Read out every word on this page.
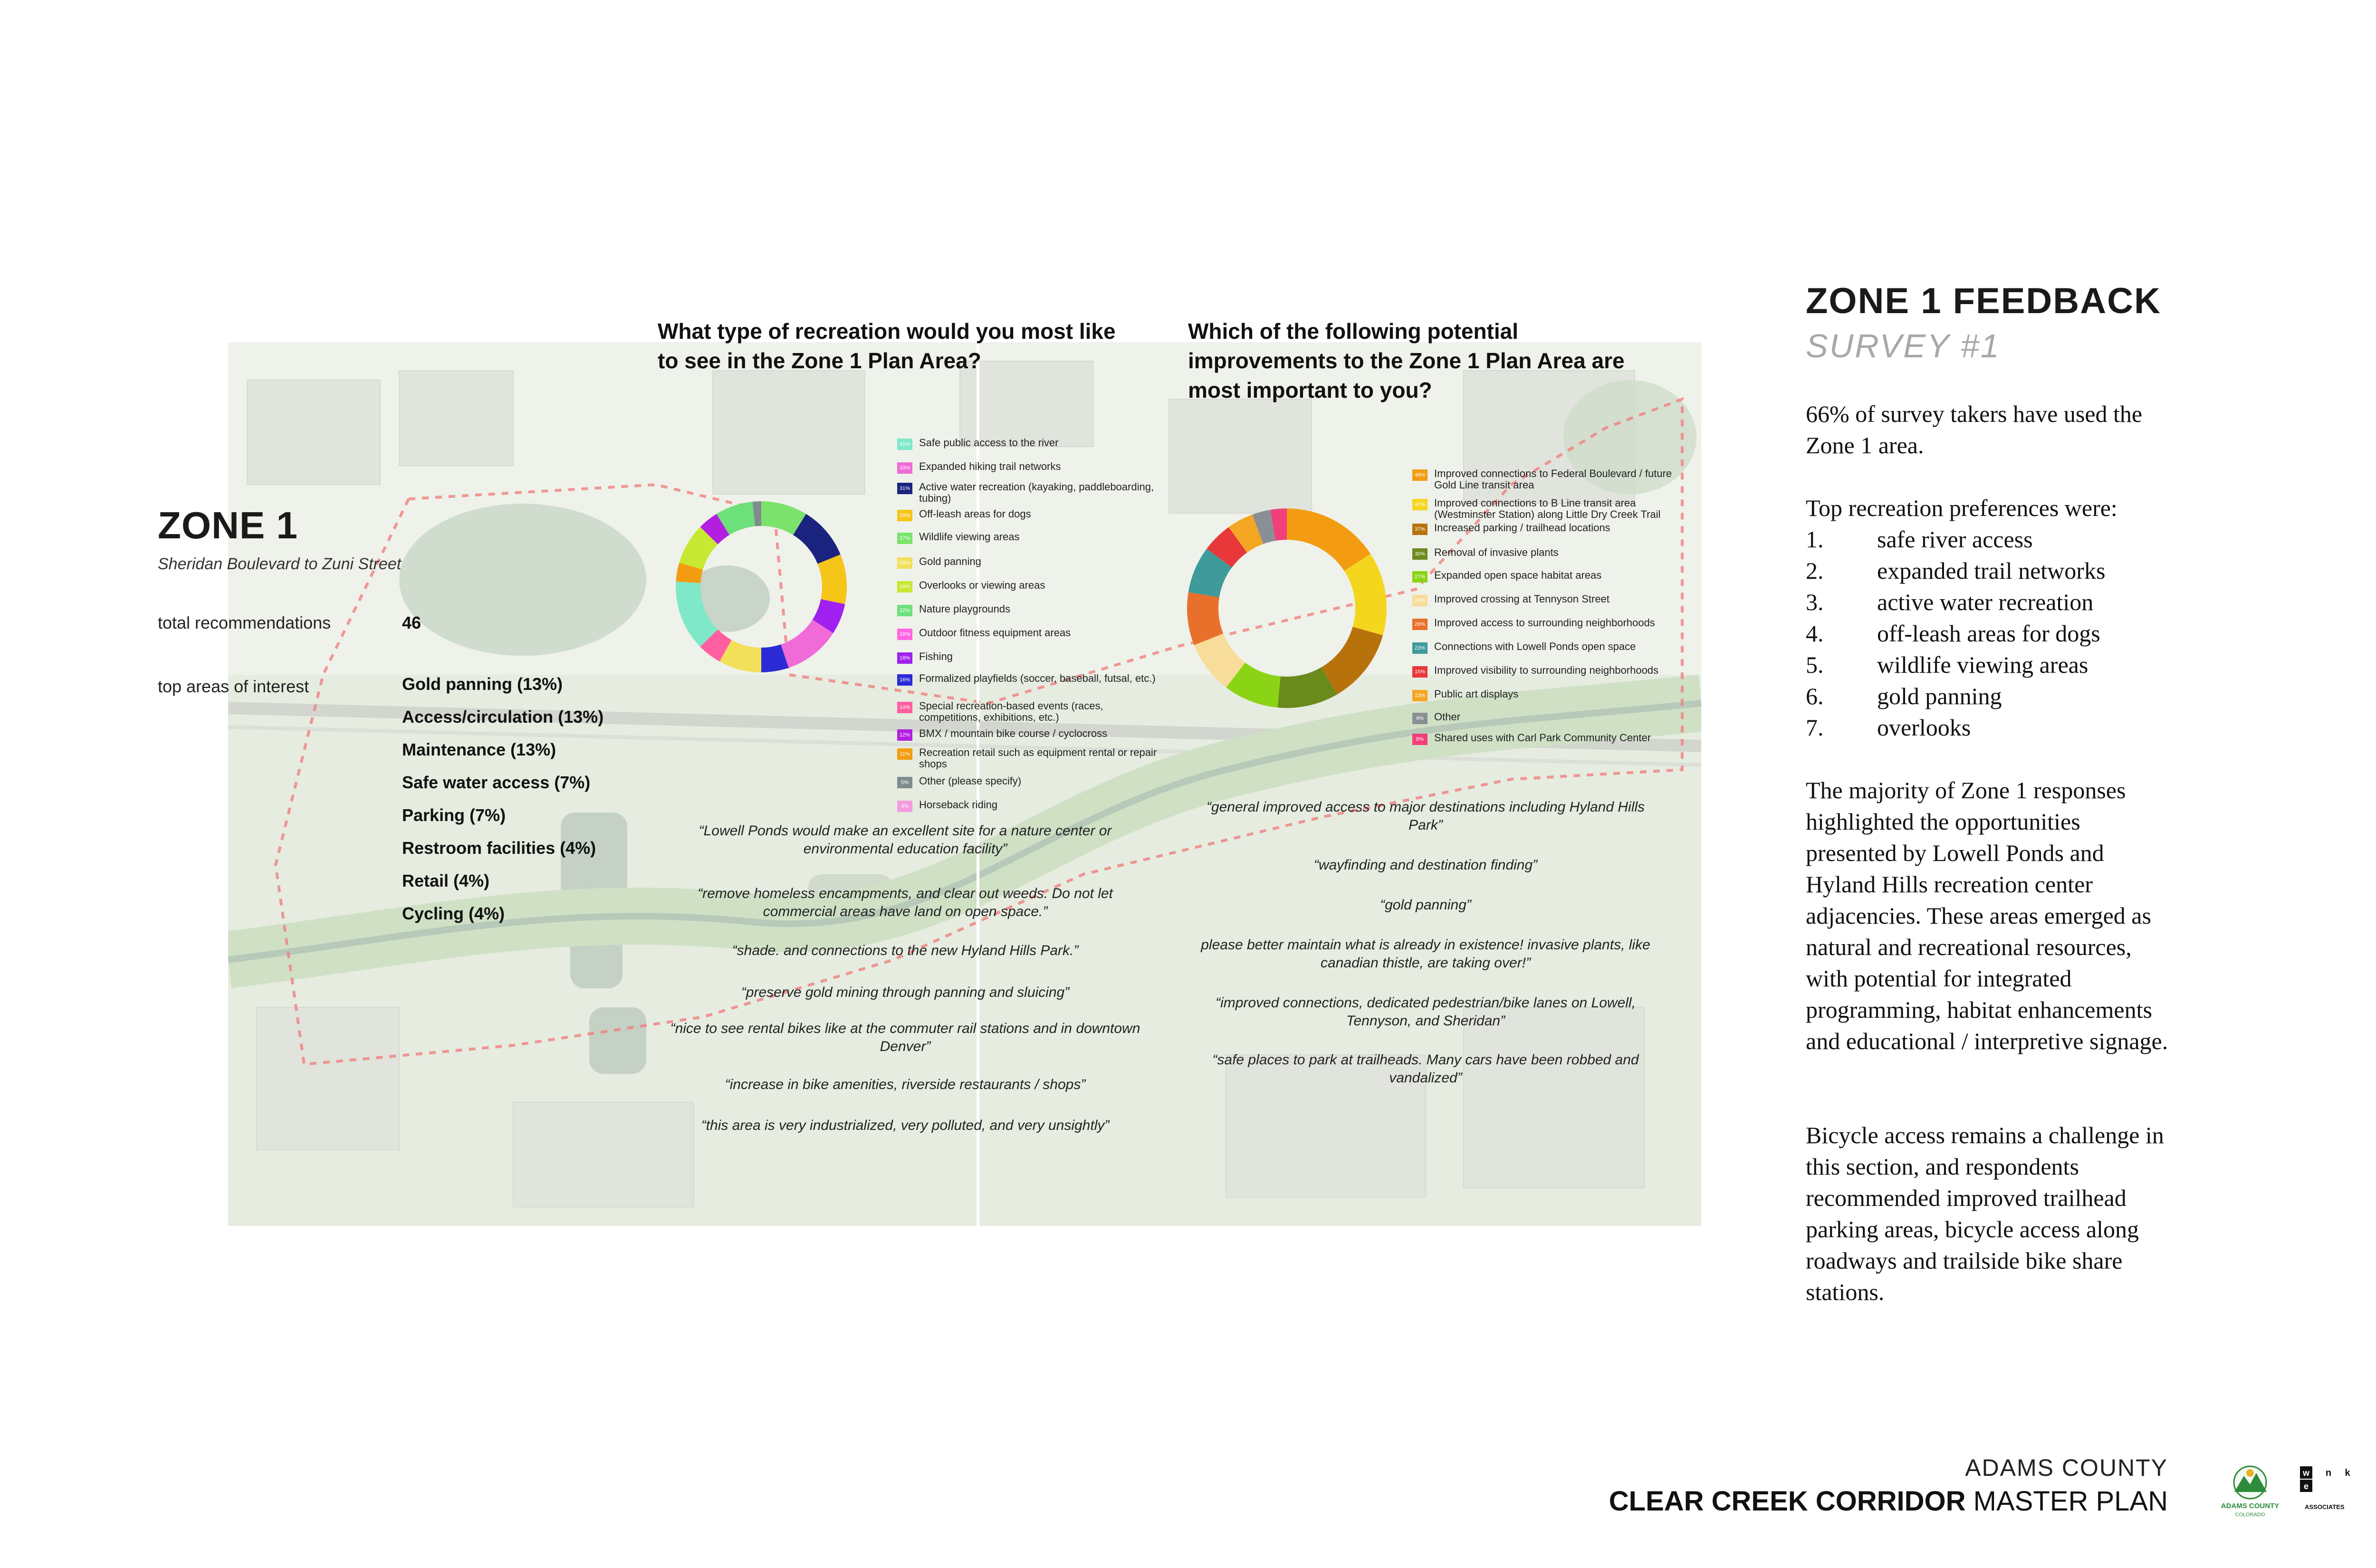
ZONE 1
Sheridan Boulevard to Zuni Street
total recommendations	46
top areas of interest	Gold panning (13%)
Access/circulation (13%)
Maintenance (13%)
Safe water access (7%)
Parking (7%)
Restroom facilities (4%)
Retail (4%)
Cycling (4%)
What type of recreation would you most like to see in the Zone 1 Plan Area?
41% Safe public access to the river
33% Expanded hiking trail networks
31% Active water recreation (kayaking, paddleboarding, tubing)
29% Off-leash areas for dogs
27% Wildlife viewing areas
25% Gold panning
24% Overlooks or viewing areas
22% Nature playgrounds
18% Outdoor fitness equipment areas
18% Fishing
16% Formalized playfields (soccer, baseball, futsal, etc.)
14% Special recreation-based events (races, competitions, exhibitions, etc.)
12% BMX / mountain bike course / cyclocross
11% Recreation retail such as equipment rental or repair shops
5%	Other (please specify)
4%	Horseback riding
Which of the following potential improvements to the Zone 1 Plan Area are most important to you?
48% Improved connections to Federal Boulevard / future Gold Line transit area
41% Improved connections to B Line transit area (Westminster Station) along Little Dry Creek Trail
37% Increased parking / trailhead locations
30% Removal of invasive plants
27% Expanded open space habitat areas
26% Improved crossing at Tennyson Street
26% Improved access to surrounding neighborhoods
23% Connections with Lowell Ponds open space
15% Improved visibility to surrounding neighborhoods
13% Public art displays
9%	Other
8%	Shared uses with Carl Park Community Center
“Lowell Ponds would make an excellent site for a nature center or environmental education facility”
“remove homeless encampments, and clear out weeds. Do not let commercial areas have land on open space.”
“shade. and connections to the new Hyland Hills Park.”
“preserve gold mining through panning and sluicing”
“nice to see rental bikes like at the commuter rail stations and in downtown Denver”
“increase in bike amenities, riverside restaurants / shops”
“this area is very industrialized, very polluted, and very unsightly”
“general improved access to major destinations including Hyland Hills Park”
“wayfinding and destination finding”
“gold panning”
please better maintain what is already in existence! invasive plants, like canadian thistle, are taking over!”
“improved connections, dedicated pedestrian/bike lanes on Lowell, Tennyson, and Sheridan”
“safe places to park at trailheads. Many cars have been robbed and vandalized”
ZONE 1 FEEDBACK
SURVEY #1
66% of survey takers have used the Zone 1 area.
Top recreation preferences were:
1.	safe river access
2.	expanded trail networks
3.	active water recreation
4.	off-leash areas for dogs
5.	wildlife viewing areas
6.	gold panning
7.	overlooks
The majority of Zone 1 responses highlighted the opportunities presented by Lowell Ponds and Hyland Hills recreation center adjacencies. These areas emerged as natural and recreational resources, with potential for integrated programming, habitat enhancements and educational / interpretive signage.
Bicycle access remains a challenge in this section, and respondents recommended improved trailhead parking areas, bicycle access along roadways and trailside bike share stations.
ADAMS COUNTY
CLEAR CREEK CORRIDOR MASTER PLAN	ADAMS COUNTY
COLORADO
w
e
n k
ASSOCIATES
